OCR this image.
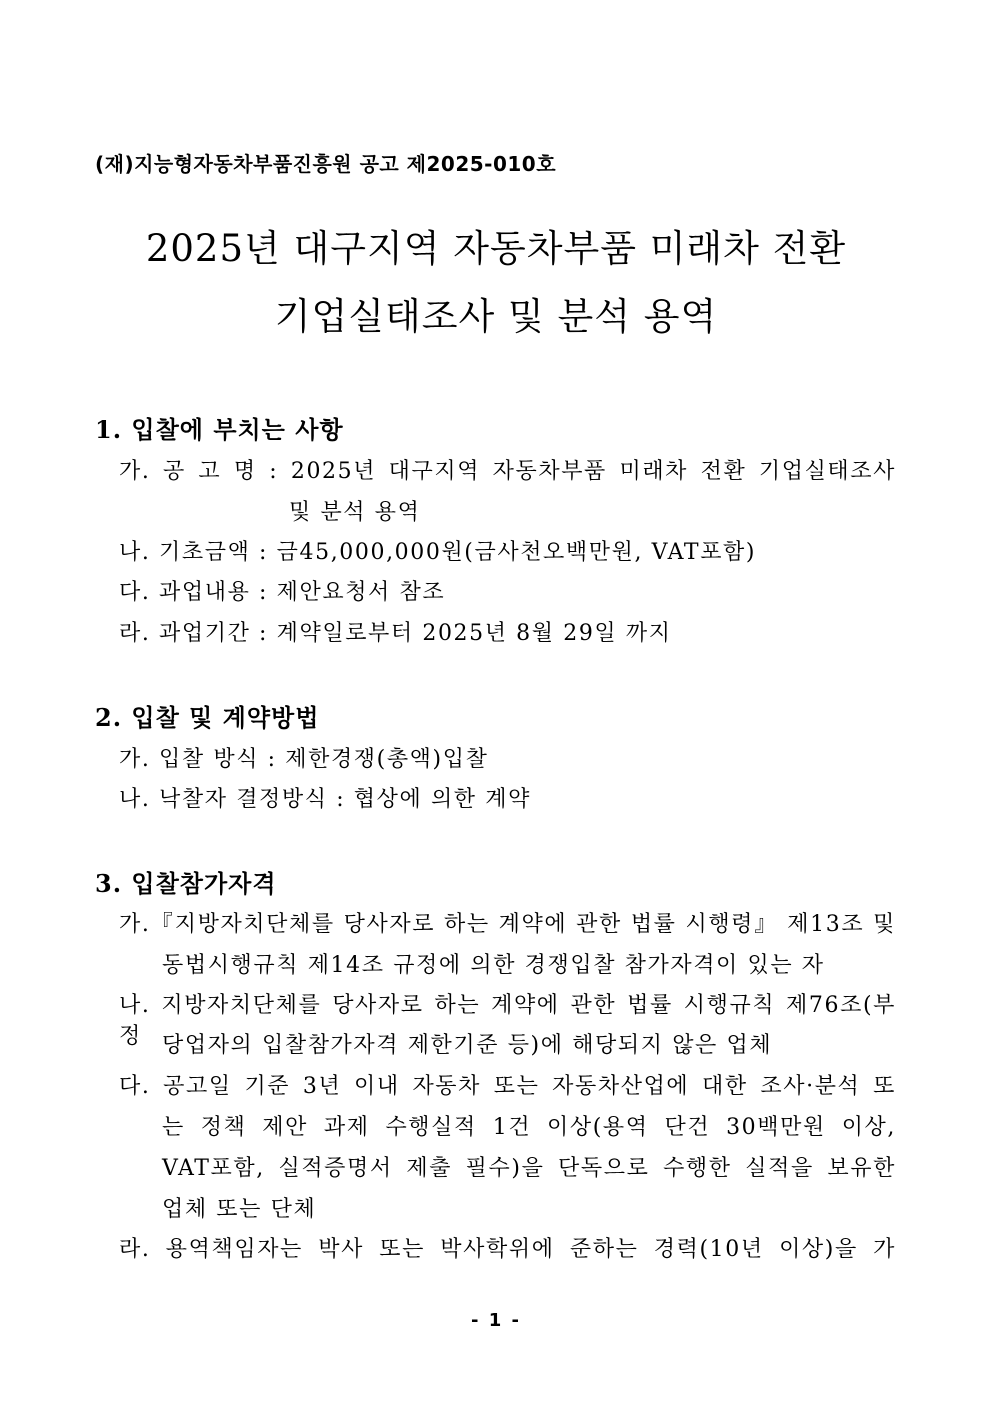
(재)지능형자동차부품진흥원 공고 제2025-010호
2025년 대구지역 자동차부품 미래차 전환
기업실태조사 및 분석 용역
1. 입찰에 부치는 사항
가. 공 고 명 : 2025년 대구지역 자동차부품 미래차 전환 기업실태조사
및 분석 용역
나. 기초금액 : 금45,000,000원(금사천오백만원, VAT포함)
다. 과업내용 : 제안요청서 참조
라. 과업기간 : 계약일로부터 2025년 8월 29일 까지
2. 입찰 및 계약방법
가. 입찰 방식 : 제한경쟁(총액)입찰
나. 낙찰자 결정방식 : 협상에 의한 계약
3. 입찰참가자격
가.『지방자치단체를 당사자로 하는 계약에 관한 법률 시행령』 제13조 및
동법시행규칙 제14조 규정에 의한 경쟁입찰 참가자격이 있는 자
나. 지방자치단체를 당사자로 하는 계약에 관한 법률 시행규칙 제76조(부정 당업자의 입찰참가자격 제한기준 등)에 해당되지 않은 업체
다. 공고일 기준 3년 이내 자동차 또는 자동차산업에 대한 조사·분석 또
는 정책 제안 과제 수행실적 1건 이상(용역 단건 30백만원 이상,
VAT포함, 실적증명서 제출 필수)을 단독으로 수행한 실적을 보유한
업체 또는 단체
라. 용역책임자는 박사 또는 박사학위에 준하는 경력(10년 이상)을 가
- 1 -
